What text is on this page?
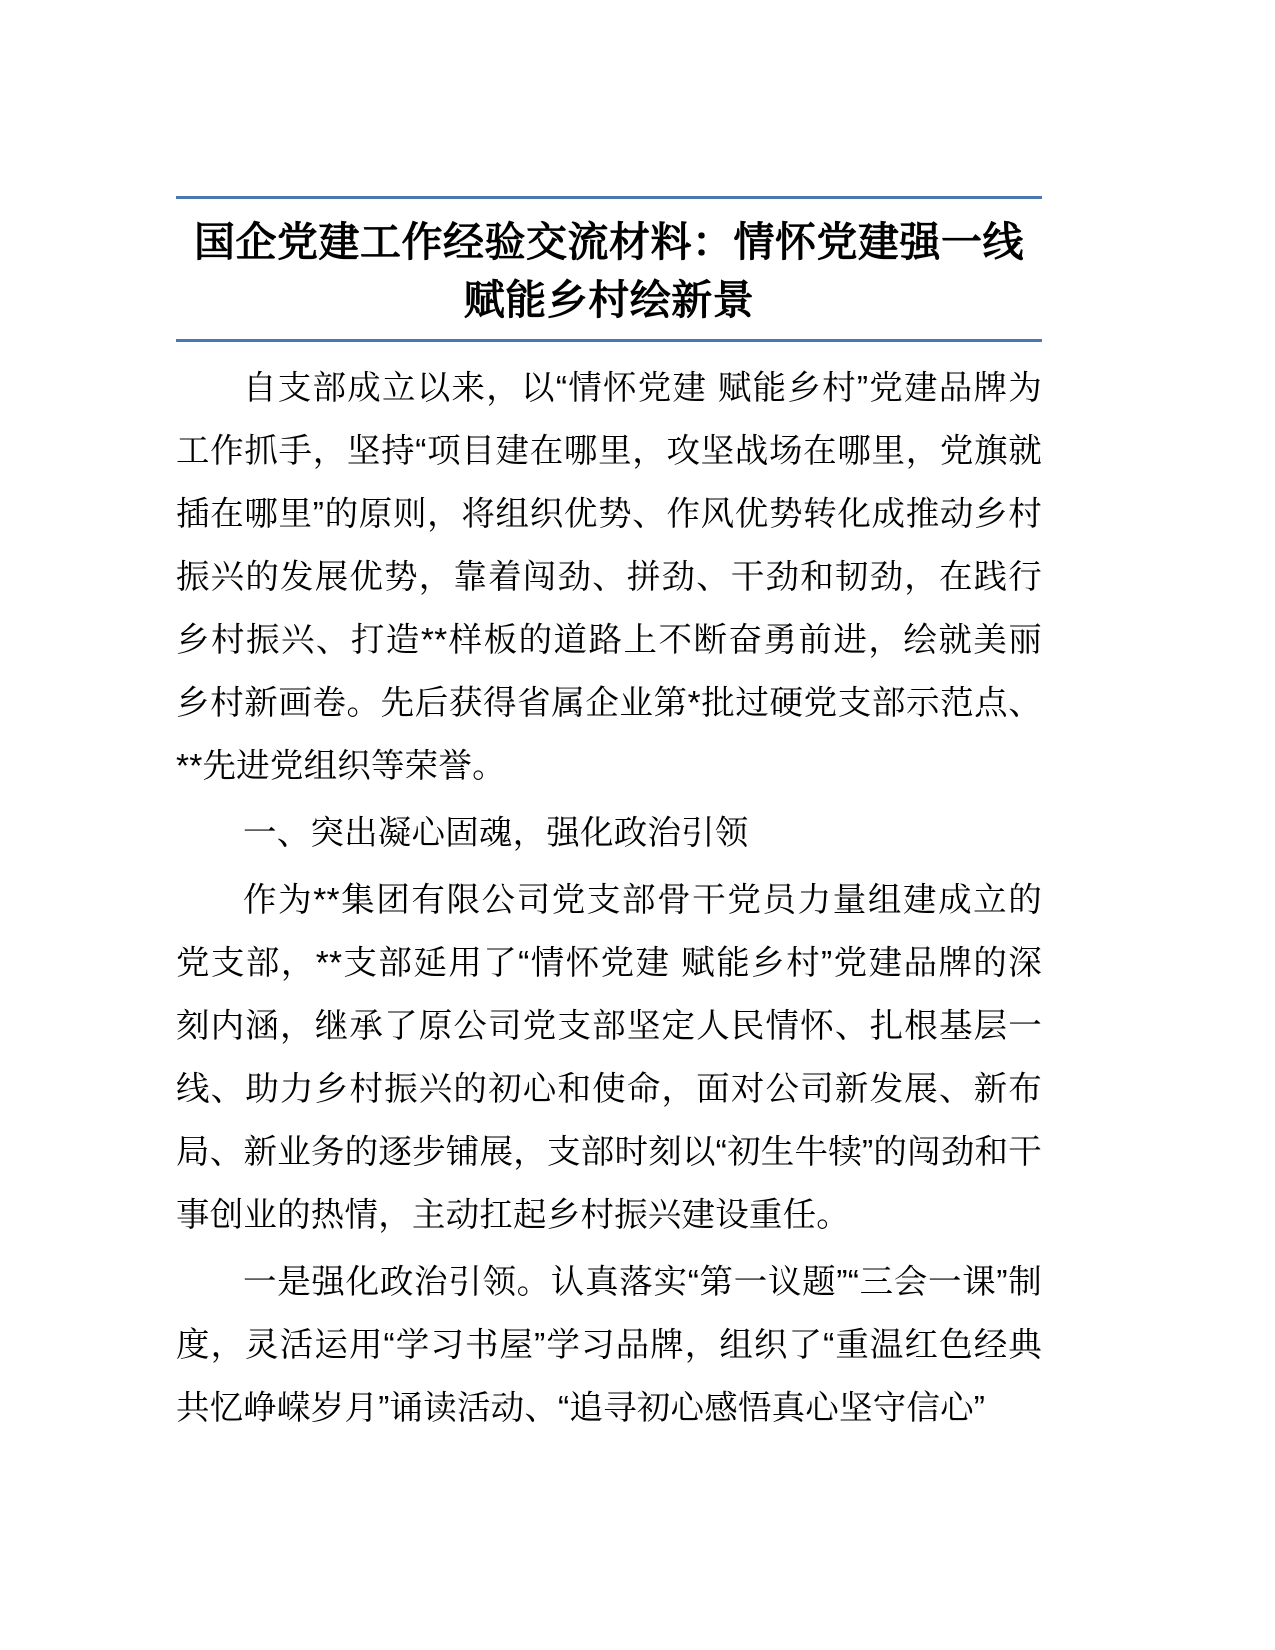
国企党建工作经验交流材料：情怀党建强一线
赋能乡村绘新景

自支部成立以来，以“情怀党建 赋能乡村”党建品牌为工作抓手，坚持“项目建在哪里，攻坚战场在哪里，党旗就插在哪里”的原则，将组织优势、作风优势转化成推动乡村振兴的发展优势，靠着闯劲、拼劲、干劲和韧劲，在践行乡村振兴、打造**样板的道路上不断奋勇前进，绘就美丽乡村新画卷。先后获得省属企业第*批过硬党支部示范点、**先进党组织等荣誉。

一、突出凝心固魂，强化政治引领

作为**集团有限公司党支部骨干党员力量组建成立的党支部，**支部延用了“情怀党建 赋能乡村”党建品牌的深刻内涵，继承了原公司党支部坚定人民情怀、扎根基层一线、助力乡村振兴的初心和使命，面对公司新发展、新布局、新业务的逐步铺展，支部时刻以“初生牛犊”的闯劲和干事创业的热情，主动扛起乡村振兴建设重任。

一是强化政治引领。认真落实“第一议题”“三会一课”制度，灵活运用“学习书屋”学习品牌，组织了“重温红色经典共忆峥嵘岁月”诵读活动、“追寻初心感悟真心坚守信心”
